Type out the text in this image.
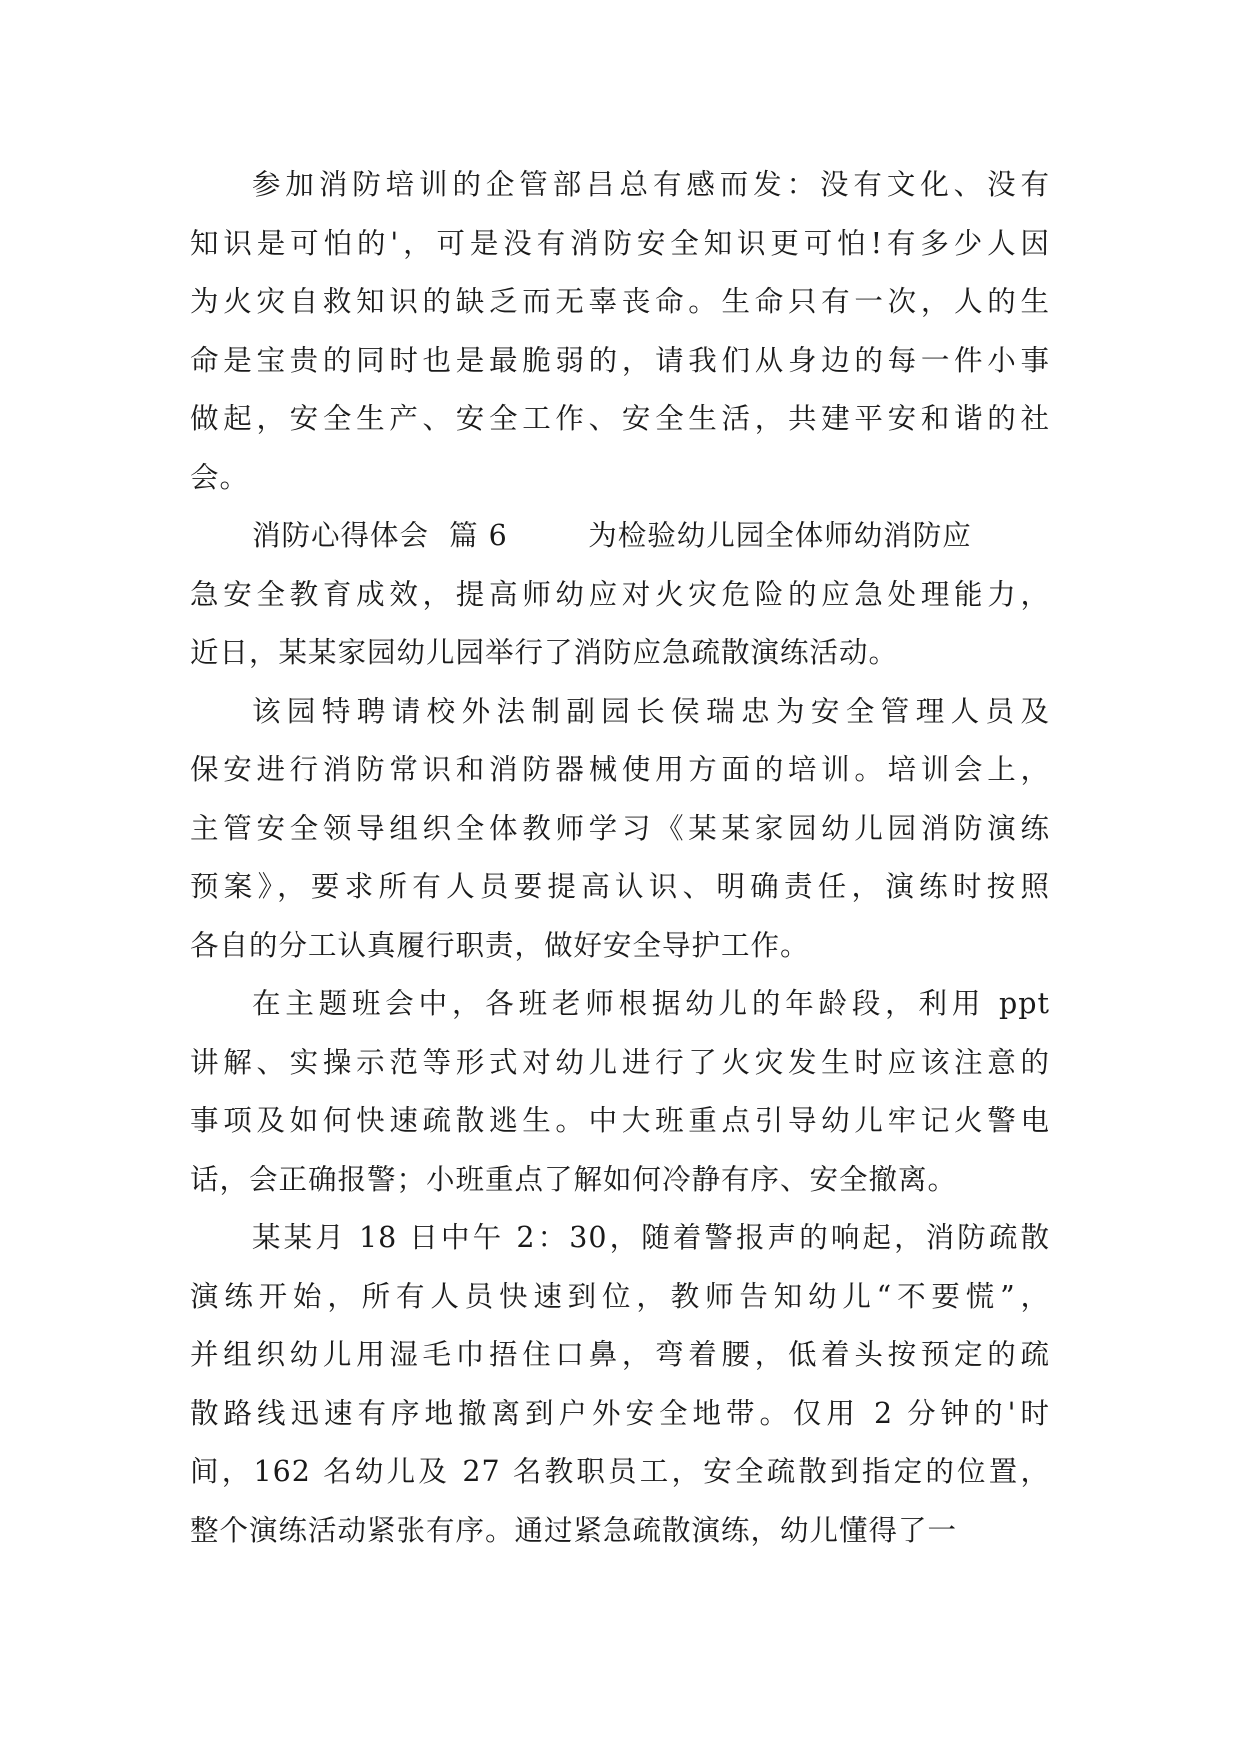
参加消防培训的企管部吕总有感而发：没有文化、没有
知识是可怕的'，可是没有消防安全知识更可怕!有多少人因
为火灾自救知识的缺乏而无辜丧命。生命只有一次，人的生
命是宝贵的同时也是最脆弱的，请我们从身边的每一件小事
做起，安全生产、安全工作、安全生活，共建平安和谐的社
会。
消防心得体会  篇 6        为检验幼儿园全体师幼消防应
急安全教育成效，提高师幼应对火灾危险的应急处理能力，
近日，某某家园幼儿园举行了消防应急疏散演练活动。
该园特聘请校外法制副园长侯瑞忠为安全管理人员及
保安进行消防常识和消防器械使用方面的培训。培训会上，
主管安全领导组织全体教师学习《某某家园幼儿园消防演练
预案》，要求所有人员要提高认识、明确责任，演练时按照
各自的分工认真履行职责，做好安全导护工作。
在主题班会中，各班老师根据幼儿的年龄段，利用 ppt
讲解、实操示范等形式对幼儿进行了火灾发生时应该注意的
事项及如何快速疏散逃生。中大班重点引导幼儿牢记火警电
话，会正确报警；小班重点了解如何冷静有序、安全撤离。
某某月 18 日中午 2：30，随着警报声的响起，消防疏散
演练开始，所有人员快速到位，教师告知幼儿“不要慌”，
并组织幼儿用湿毛巾捂住口鼻，弯着腰，低着头按预定的疏
散路线迅速有序地撤离到户外安全地带。仅用 2 分钟的'时
间，162 名幼儿及 27 名教职员工，安全疏散到指定的位置，
整个演练活动紧张有序。通过紧急疏散演练，幼儿懂得了一
